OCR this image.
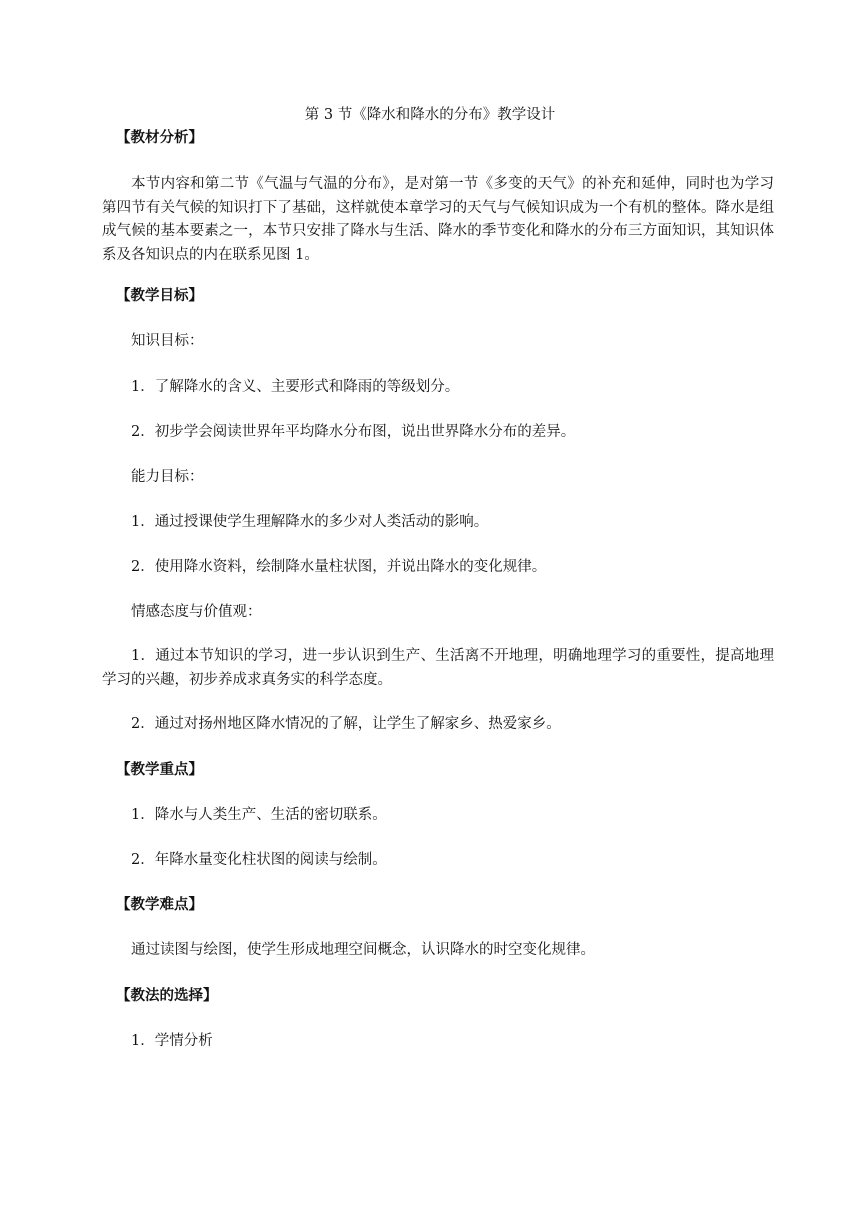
第 3 节《降水和降水的分布》教学设计
【教材分析】
本节内容和第二节《气温与气温的分布》，是对第一节《多变的天气》的补充和延伸，同时也为学习第四节有关气候的知识打下了基础，这样就使本章学习的天气与气候知识成为一个有机的整体。降水是组成气候的基本要素之一，本节只安排了降水与生活、降水的季节变化和降水的分布三方面知识，其知识体系及各知识点的内在联系见图 1。
【教学目标】
知识目标：
1．了解降水的含义、主要形式和降雨的等级划分。
2．初步学会阅读世界年平均降水分布图，说出世界降水分布的差异。
能力目标：
1．通过授课使学生理解降水的多少对人类活动的影响。
2．使用降水资料，绘制降水量柱状图，并说出降水的变化规律。
情感态度与价值观：
1．通过本节知识的学习，进一步认识到生产、生活离不开地理，明确地理学习的重要性，提高地理学习的兴趣，初步养成求真务实的科学态度。
2．通过对扬州地区降水情况的了解，让学生了解家乡、热爱家乡。
【教学重点】
1．降水与人类生产、生活的密切联系。
2．年降水量变化柱状图的阅读与绘制。
【教学难点】
通过读图与绘图，使学生形成地理空间概念，认识降水的时空变化规律。
【教法的选择】
1．学情分析
